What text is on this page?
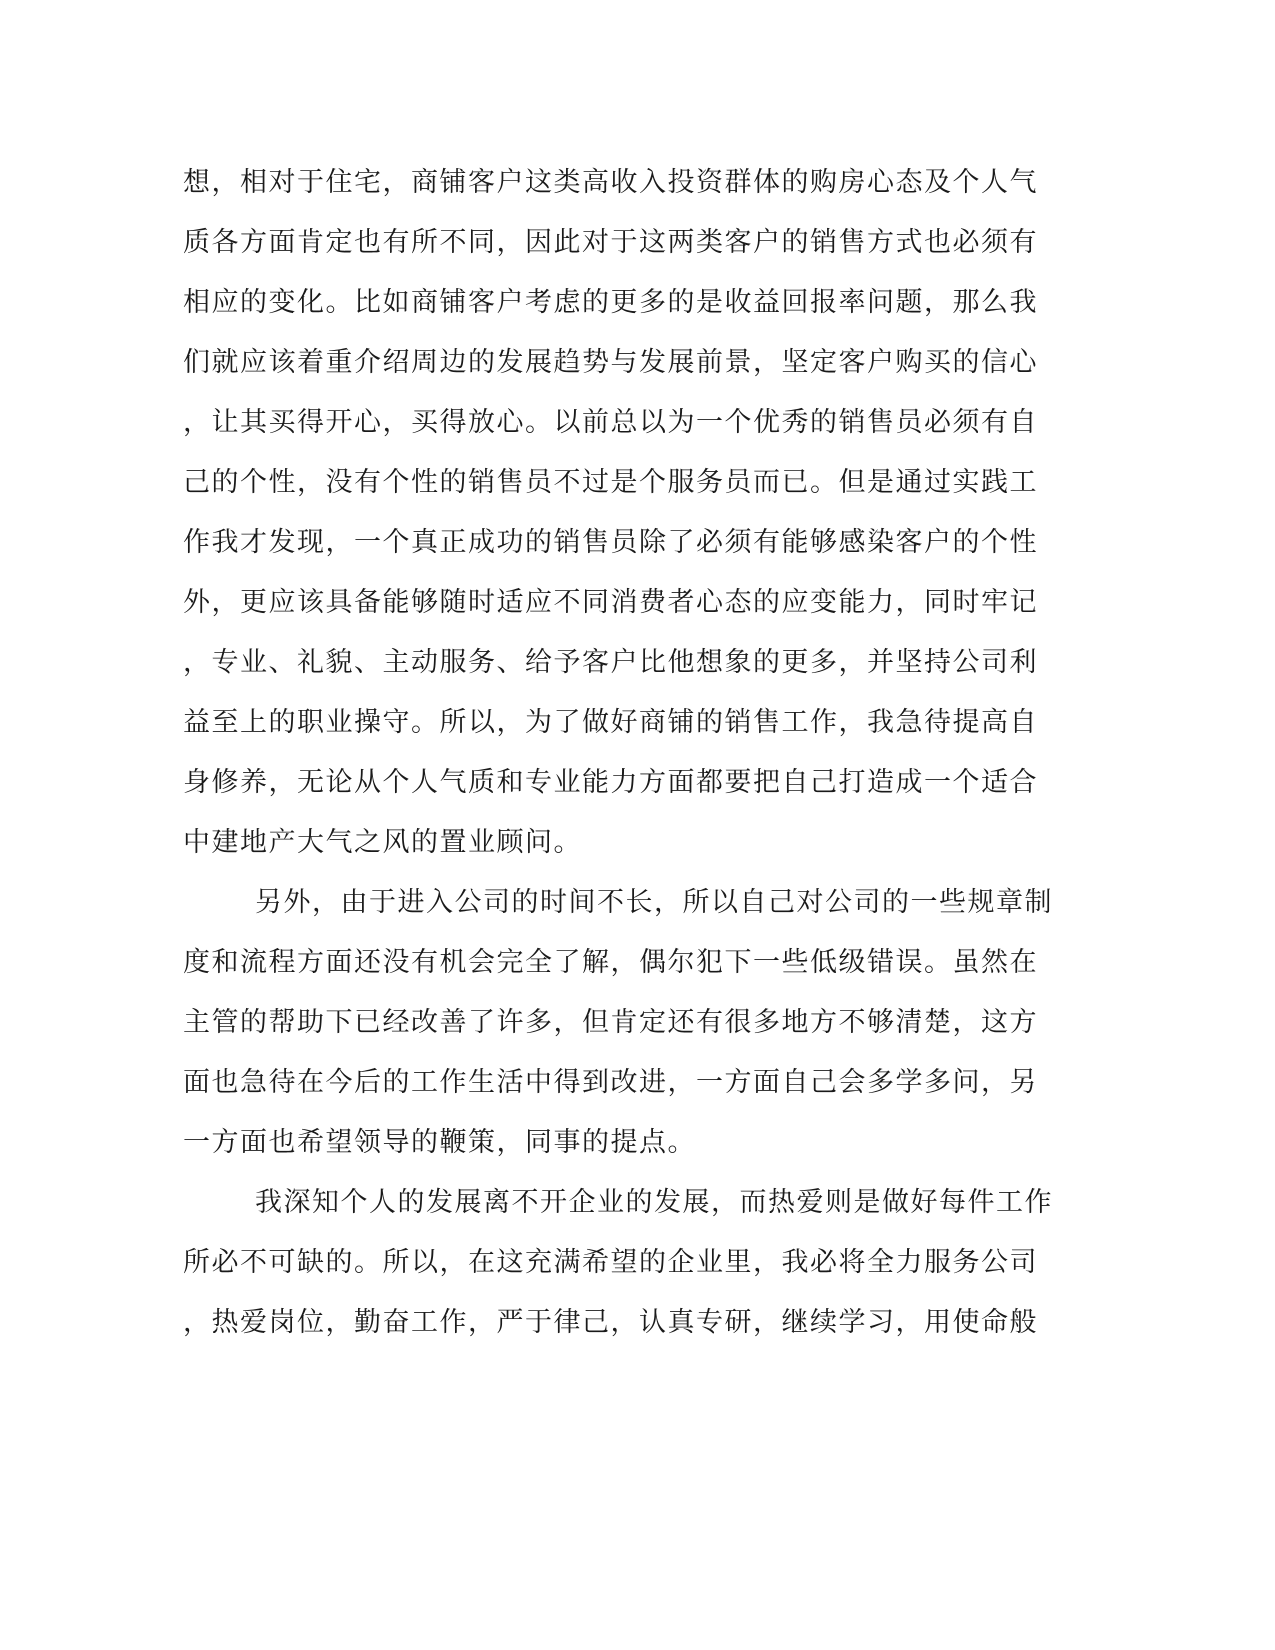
想，相对于住宅，商铺客户这类高收入投资群体的购房心态及个人气
质各方面肯定也有所不同，因此对于这两类客户的销售方式也必须有
相应的变化。比如商铺客户考虑的更多的是收益回报率问题，那么我
们就应该着重介绍周边的发展趋势与发展前景，坚定客户购买的信心
，让其买得开心，买得放心。以前总以为一个优秀的销售员必须有自
己的个性，没有个性的销售员不过是个服务员而已。但是通过实践工
作我才发现，一个真正成功的销售员除了必须有能够感染客户的个性
外，更应该具备能够随时适应不同消费者心态的应变能力，同时牢记
，专业、礼貌、主动服务、给予客户比他想象的更多，并坚持公司利
益至上的职业操守。所以，为了做好商铺的销售工作，我急待提高自
身修养，无论从个人气质和专业能力方面都要把自己打造成一个适合
中建地产大气之风的置业顾问。
另外，由于进入公司的时间不长，所以自己对公司的一些规章制
度和流程方面还没有机会完全了解，偶尔犯下一些低级错误。虽然在
主管的帮助下已经改善了许多，但肯定还有很多地方不够清楚，这方
面也急待在今后的工作生活中得到改进，一方面自己会多学多问，另
一方面也希望领导的鞭策，同事的提点。
我深知个人的发展离不开企业的发展，而热爱则是做好每件工作
所必不可缺的。所以，在这充满希望的企业里，我必将全力服务公司
，热爱岗位，勤奋工作，严于律己，认真专研，继续学习，用使命般
